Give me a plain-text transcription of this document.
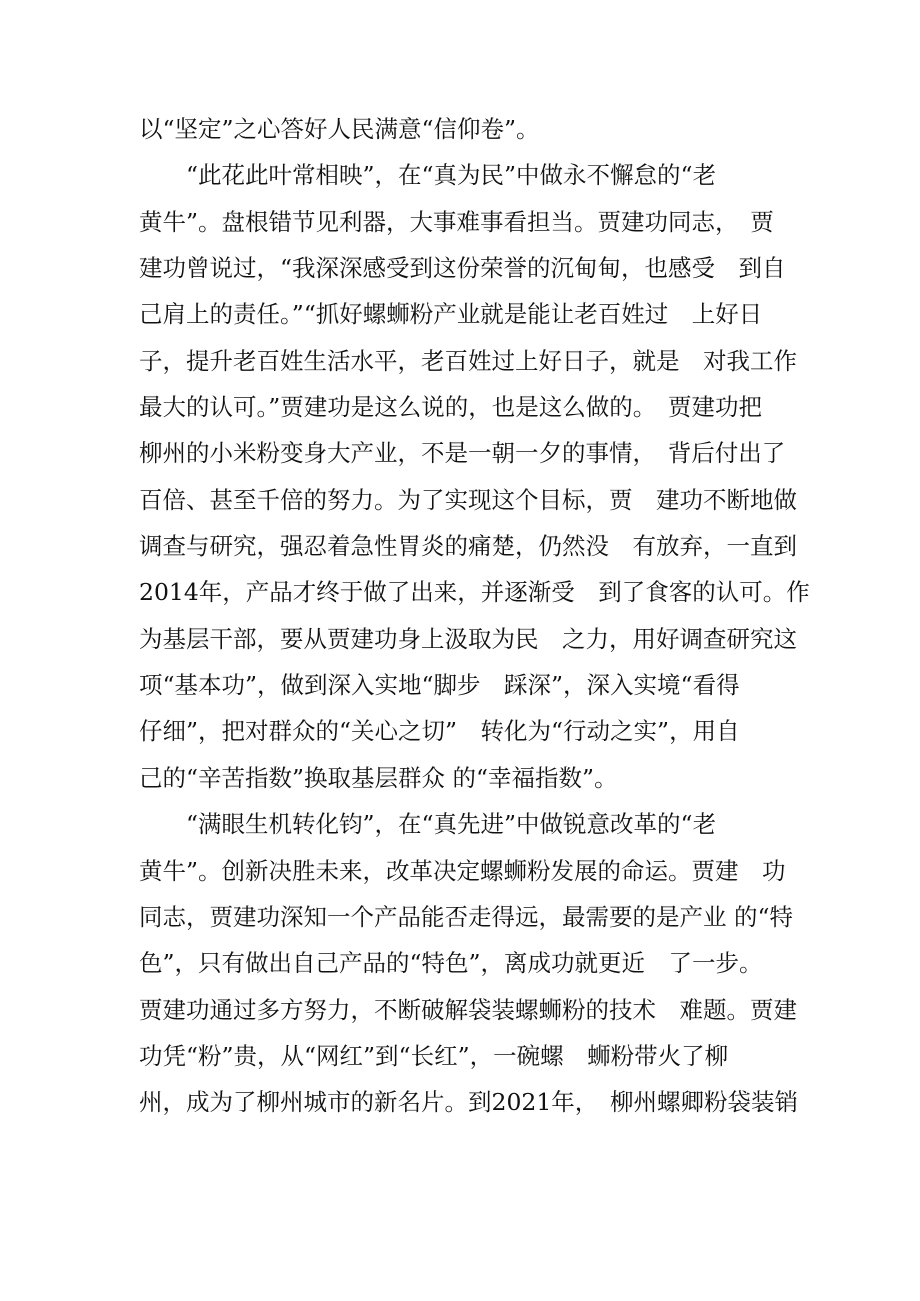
以“坚定”之心答好人民满意“信仰卷”。
　　“此花此叶常相映”，在“真为民”中做永不懈怠的“老
黄牛”。盘根错节见利器，大事难事看担当。贾建功同志，　贾
建功曾说过，“我深深感受到这份荣誉的沉甸甸，也感受　到自
己肩上的责任。”“抓好螺蛳粉产业就是能让老百姓过　上好日
子，提升老百姓生活水平，老百姓过上好日子，就是　对我工作
最大的认可。”贾建功是这么说的，也是这么做的。　贾建功把
柳州的小米粉变身大产业，不是一朝一夕的事情，　背后付出了
百倍、甚至千倍的努力。为了实现这个目标，贾　建功不断地做
调查与研究，强忍着急性胃炎的痛楚，仍然没　有放弃，一直到
2014年，产品才终于做了出来，并逐渐受　到了食客的认可。作
为基层干部，要从贾建功身上汲取为民　之力，用好调查研究这
项“基本功”，做到深入实地“脚步　踩深”，深入实境“看得
仔细”，把对群众的“关心之切”　转化为“行动之实”，用自
己的“辛苦指数”换取基层群众 的“幸福指数”。
　　“满眼生机转化钧”，在“真先进”中做锐意改革的“老
黄牛”。创新决胜未来，改革决定螺蛳粉发展的命运。贾建　功
同志，贾建功深知一个产品能否走得远，最需要的是产业 的“特
色”，只有做出自己产品的“特色”，离成功就更近　了一步。
贾建功通过多方努力，不断破解袋装螺蛳粉的技术　难题。贾建
功凭“粉”贵，从“网红”到“长红”，一碗螺　蛳粉带火了柳
州，成为了柳州城市的新名片。到2021年，　柳州螺卿粉袋装销
